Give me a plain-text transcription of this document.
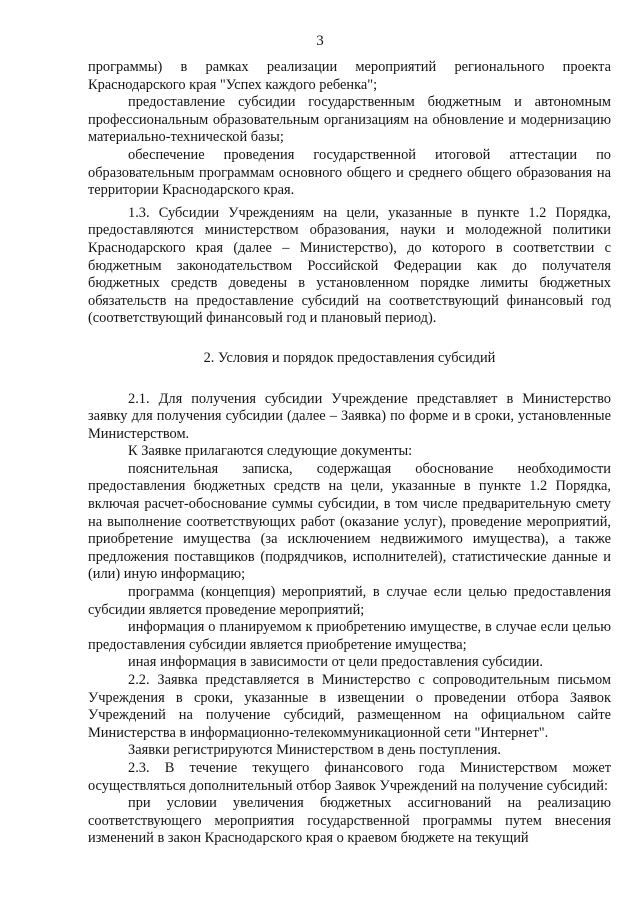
3

программы) в рамках реализации мероприятий регионального проекта Краснодарского края "Успех каждого ребенка";

предоставление субсидии государственным бюджетным и автономным профессиональным образовательным организациям на обновление и модернизацию материально-технической базы;

обеспечение проведения государственной итоговой аттестации по образовательным программам основного общего и среднего общего образования на территории Краснодарского края.

1.3. Субсидии Учреждениям на цели, указанные в пункте 1.2 Порядка, предоставляются министерством образования, науки и молодежной политики Краснодарского края (далее – Министерство), до которого в соответствии с бюджетным законодательством Российской Федерации как до получателя бюджетных средств доведены в установленном порядке лимиты бюджетных обязательств на предоставление субсидий на соответствующий финансовый год (соответствующий финансовый год и плановый период).

2. Условия и порядок предоставления субсидий

2.1. Для получения субсидии Учреждение представляет в Министерство заявку для получения субсидии (далее – Заявка) по форме и в сроки, установленные Министерством.

К Заявке прилагаются следующие документы:

пояснительная записка, содержащая обоснование необходимости предоставления бюджетных средств на цели, указанные в пункте 1.2 Порядка, включая расчет-обоснование суммы субсидии, в том числе предварительную смету на выполнение соответствующих работ (оказание услуг), проведение мероприятий, приобретение имущества (за исключением недвижимого имущества), а также предложения поставщиков (подрядчиков, исполнителей), статистические данные и (или) иную информацию;

программа (концепция) мероприятий, в случае если целью предоставления субсидии является проведение мероприятий;

информация о планируемом к приобретению имуществе, в случае если целью предоставления субсидии является приобретение имущества;

иная информация в зависимости от цели предоставления субсидии.

2.2. Заявка представляется в Министерство с сопроводительным письмом Учреждения в сроки, указанные в извещении о проведении отбора Заявок Учреждений на получение субсидий, размещенном на официальном сайте Министерства в информационно-телекоммуникационной сети "Интернет".

Заявки регистрируются Министерством в день поступления.

2.3. В течение текущего финансового года Министерством может осуществляться дополнительный отбор Заявок Учреждений на получение субсидий:

при условии увеличения бюджетных ассигнований на реализацию соответствующего мероприятия государственной программы путем внесения изменений в закон Краснодарского края о краевом бюджете на текущий
